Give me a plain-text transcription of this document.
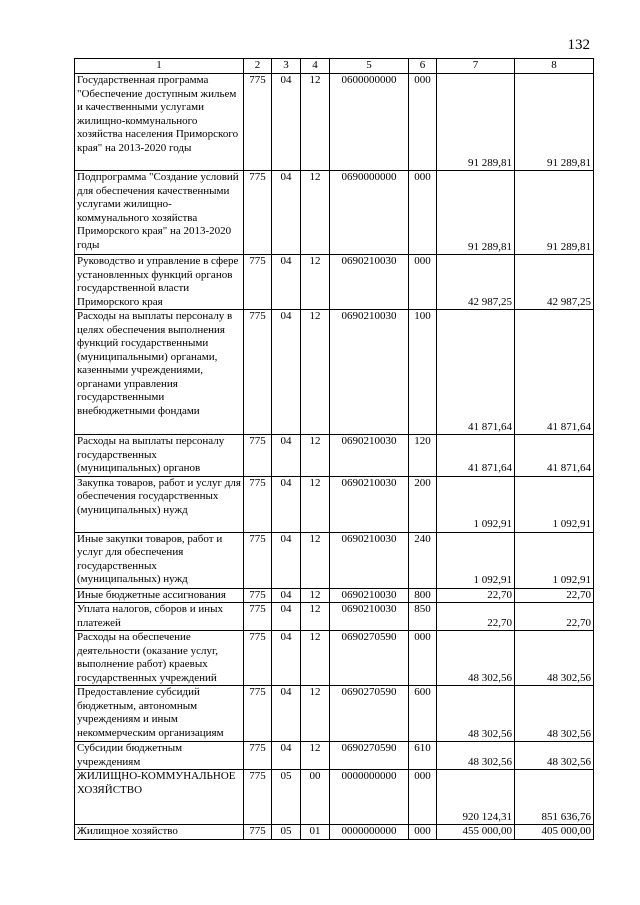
132
1	2	3	4	5	6	7	8
Государственная программа "Обеспечение доступным жильем и качественными услугами жилищно-коммунального хозяйства населения Приморского края" на 2013-2020 годы	775	04	12	0600000000	000	91 289,81	91 289,81
Подпрограмма "Создание условий для обеспечения качественными услугами жилищно-коммунального хозяйства Приморского края" на 2013-2020 годы	775	04	12	0690000000	000	91 289,81	91 289,81
Руководство и управление в сфере установленных функций органов государственной власти Приморского края	775	04	12	0690210030	000	42 987,25	42 987,25
Расходы на выплаты персоналу в целях обеспечения выполнения функций государственными (муниципальными) органами, казенными учреждениями, органами управления государственными внебюджетными фондами	775	04	12	0690210030	100	41 871,64	41 871,64
Расходы на выплаты персоналу государственных (муниципальных) органов	775	04	12	0690210030	120	41 871,64	41 871,64
Закупка товаров, работ и услуг для обеспечения государственных (муниципальных) нужд	775	04	12	0690210030	200	1 092,91	1 092,91
Иные закупки товаров, работ и услуг для обеспечения государственных (муниципальных) нужд	775	04	12	0690210030	240	1 092,91	1 092,91
Иные бюджетные ассигнования	775	04	12	0690210030	800	22,70	22,70
Уплата налогов, сборов и иных платежей	775	04	12	0690210030	850	22,70	22,70
Расходы на обеспечение деятельности (оказание услуг, выполнение работ) краевых государственных учреждений	775	04	12	0690270590	000	48 302,56	48 302,56
Предоставление субсидий бюджетным, автономным учреждениям и иным некоммерческим организациям	775	04	12	0690270590	600	48 302,56	48 302,56
Субсидии бюджетным учреждениям	775	04	12	0690270590	610	48 302,56	48 302,56
ЖИЛИЩНО-КОММУНАЛЬНОЕ ХОЗЯЙСТВО	775	05	00	0000000000	000	920 124,31	851 636,76
Жилищное хозяйство	775	05	01	0000000000	000	455 000,00	405 000,00
